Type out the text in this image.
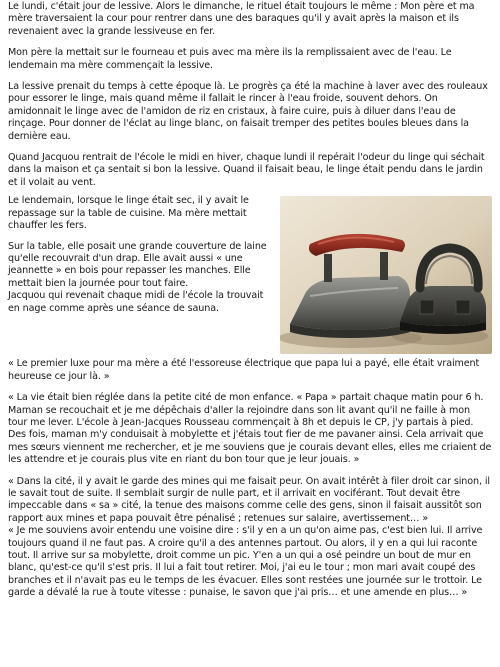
Le lundi, c'était jour de lessive. Alors le dimanche, le rituel était toujours le même : Mon père et ma mère traversaient la cour pour rentrer dans une des baraques qu'il y avait après la maison et ils revenaient avec la grande lessiveuse en fer.

Mon père la mettait sur le fourneau et puis avec ma mère ils la remplissaient avec de l'eau. Le lendemain ma mère commençait la lessive.

La lessive prenait du temps à cette époque là. Le progrès ça été la machine à laver avec des rouleaux pour essorer le linge, mais quand même il fallait le rincer à l'eau froide, souvent dehors. On amidonnait le linge avec de l'amidon de riz en cristaux, à faire cuire, puis à diluer dans l'eau de rinçage. Pour donner de l'éclat au linge blanc, on faisait tremper des petites boules bleues dans la dernière eau.

Quand Jacquou rentrait de l'école le midi en hiver, chaque lundi il repérait l'odeur du linge qui séchait dans la maison et ça sentait si bon la lessive. Quand il faisait beau, le linge était pendu dans le jardin et il volait au vent.

Le lendemain, lorsque le linge était sec, il y avait le repassage sur la table de cuisine. Ma mère mettait chauffer les fers.

Sur la table, elle posait une grande couverture de laine qu'elle recouvrait d'un drap. Elle avait aussi « une jeannette » en bois pour repasser les manches. Elle mettait bien la journée pour tout faire.

Jacquou qui revenait chaque midi de l'école la trouvait en nage comme après une séance de sauna.

« Le premier luxe pour ma mère a été l'essoreuse électrique que papa lui a payé, elle était vraiment heureuse ce jour là. »

« La vie était bien réglée dans la petite cité de mon enfance. « Papa » partait chaque matin pour 6 h. Maman se recouchait et je me dépêchais d'aller la rejoindre dans son lit avant qu'il ne faille à mon tour me lever. L'école à Jean-Jacques Rousseau commençait à 8h et depuis le CP, j'y partais à pied. Des fois, maman m'y conduisait à mobylette et j'étais tout fier de me pavaner ainsi. Cela arrivait que mes sœurs viennent me rechercher, et je me souviens que je courais devant elles, elles me criaient de les attendre et je courais plus vite en riant du bon tour que je leur jouais. »

« Dans la cité, il y avait le garde des mines qui me faisait peur. On avait intérêt à filer droit car sinon, il le savait tout de suite. Il semblait surgir de nulle part, et il arrivait en vociférant. Tout devait être impeccable dans « sa » cité, la tenue des maisons comme celle des gens, sinon il faisait aussitôt son rapport aux mines et papa pouvait être pénalisé ; retenues sur salaire, avertissement… »

« Je me souviens avoir entendu une voisine dire : s'il y en a un qu'on aime pas, c'est bien lui. Il arrive toujours quand il ne faut pas. A croire qu'il a des antennes partout. Ou alors, il y en a qui lui raconte tout. Il arrive sur sa mobylette, droit comme un pic. Y'en a un qui a osé peindre un bout de mur en blanc, qu'est-ce qu'il s'est pris. Il lui a fait tout retirer. Moi, j'ai eu le tour ; mon mari avait coupé des branches et il n'avait pas eu le temps de les évacuer. Elles sont restées une journée sur le trottoir. Le garde a dévalé la rue à toute vitesse : punaise, le savon que j'ai pris… et une amende en plus… »
